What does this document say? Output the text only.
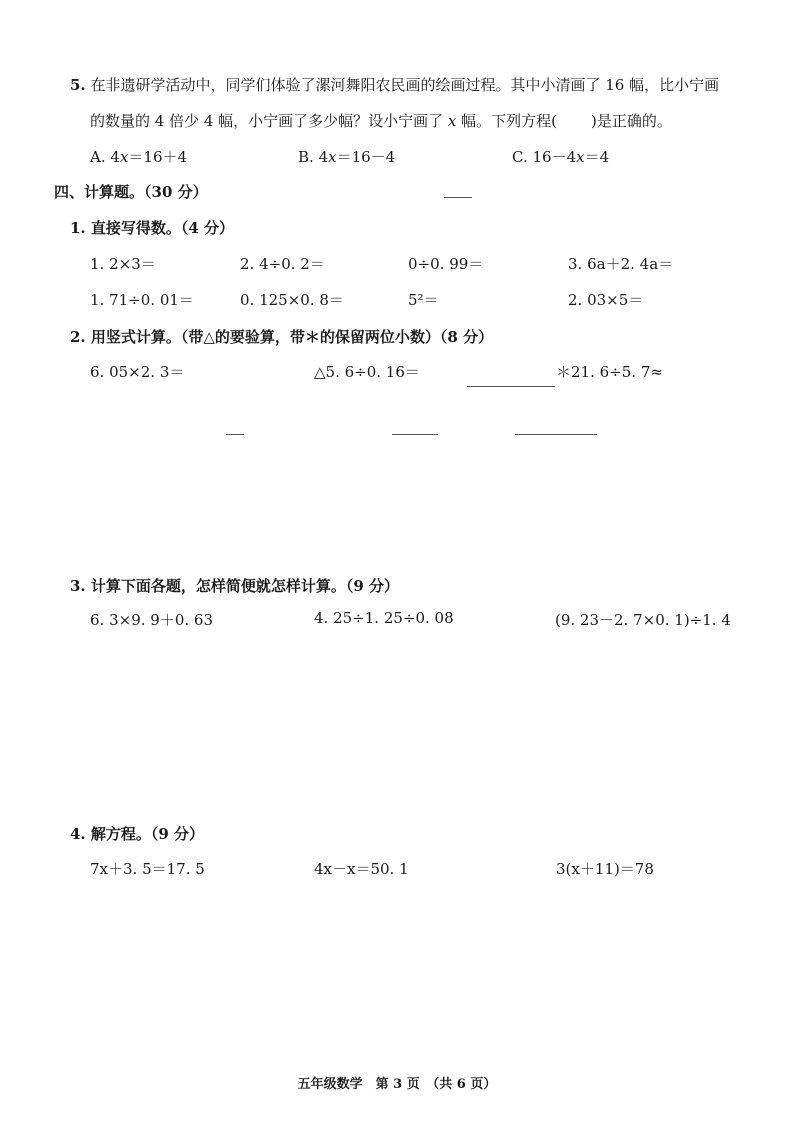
5. 在非遗研学活动中，同学们体验了漯河舞阳农民画的绘画过程。其中小清画了 16 幅，比小宁画
的数量的 4 倍少 4 幅，小宁画了多少幅？设小宁画了 x 幅。下列方程( )是正确的。
A. 4x＝16＋4	B. 4x＝16－4	C. 16－4x＝4
四、计算题。（30 分）
1. 直接写得数。（4 分）
1. 2×3＝	2. 4÷0. 2＝	0÷0. 99＝	3. 6a＋2. 4a＝
1. 71÷0. 01＝	0. 125×0. 8＝	5²＝	2. 03×5＝
2. 用竖式计算。（带△的要验算，带＊的保留两位小数）（8 分）
6. 05×2. 3＝	△5. 6÷0. 16＝	＊21. 6÷5. 7≈
3. 计算下面各题，怎样简便就怎样计算。（9 分）
6. 3×9. 9＋0. 63	4. 25÷1. 25÷0. 08	(9. 23－2. 7×0. 1)÷1. 4
4. 解方程。（9 分）
7x＋3. 5＝17. 5	4x－x＝50. 1	3(x＋11)＝78
五年级数学　第 3 页　（共 6 页）
